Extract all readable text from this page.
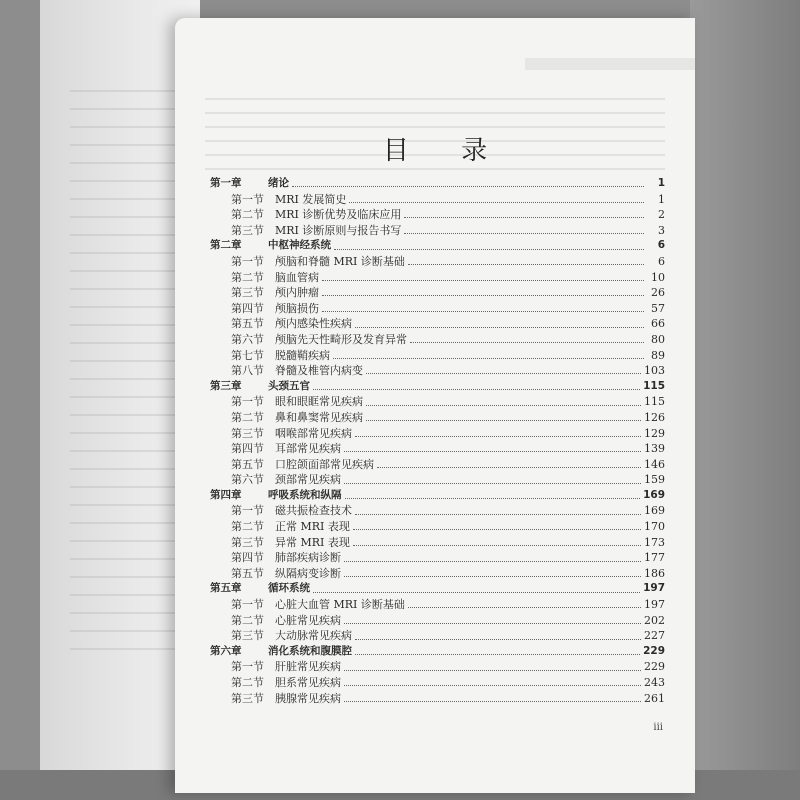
目 录
第一章	绪论	1
第一节	MRI 发展简史	1
第二节	MRI 诊断优势及临床应用	2
第三节	MRI 诊断原则与报告书写	3
第二章	中枢神经系统	6
第一节	颅脑和脊髓 MRI 诊断基础	6
第二节	脑血管病	10
第三节	颅内肿瘤	26
第四节	颅脑损伤	57
第五节	颅内感染性疾病	66
第六节	颅脑先天性畸形及发育异常	80
第七节	脱髓鞘疾病	89
第八节	脊髓及椎管内病变	103
第三章	头颈五官	115
第一节	眼和眼眶常见疾病	115
第二节	鼻和鼻窦常见疾病	126
第三节	咽喉部常见疾病	129
第四节	耳部常见疾病	139
第五节	口腔颌面部常见疾病	146
第六节	颈部常见疾病	159
第四章	呼吸系统和纵隔	169
第一节	磁共振检查技术	169
第二节	正常 MRI 表现	170
第三节	异常 MRI 表现	173
第四节	肺部疾病诊断	177
第五节	纵隔病变诊断	186
第五章	循环系统	197
第一节	心脏大血管 MRI 诊断基础	197
第二节	心脏常见疾病	202
第三节	大动脉常见疾病	227
第六章	消化系统和腹膜腔	229
第一节	肝脏常见疾病	229
第二节	胆系常见疾病	243
第三节	胰腺常见疾病	261
iii
